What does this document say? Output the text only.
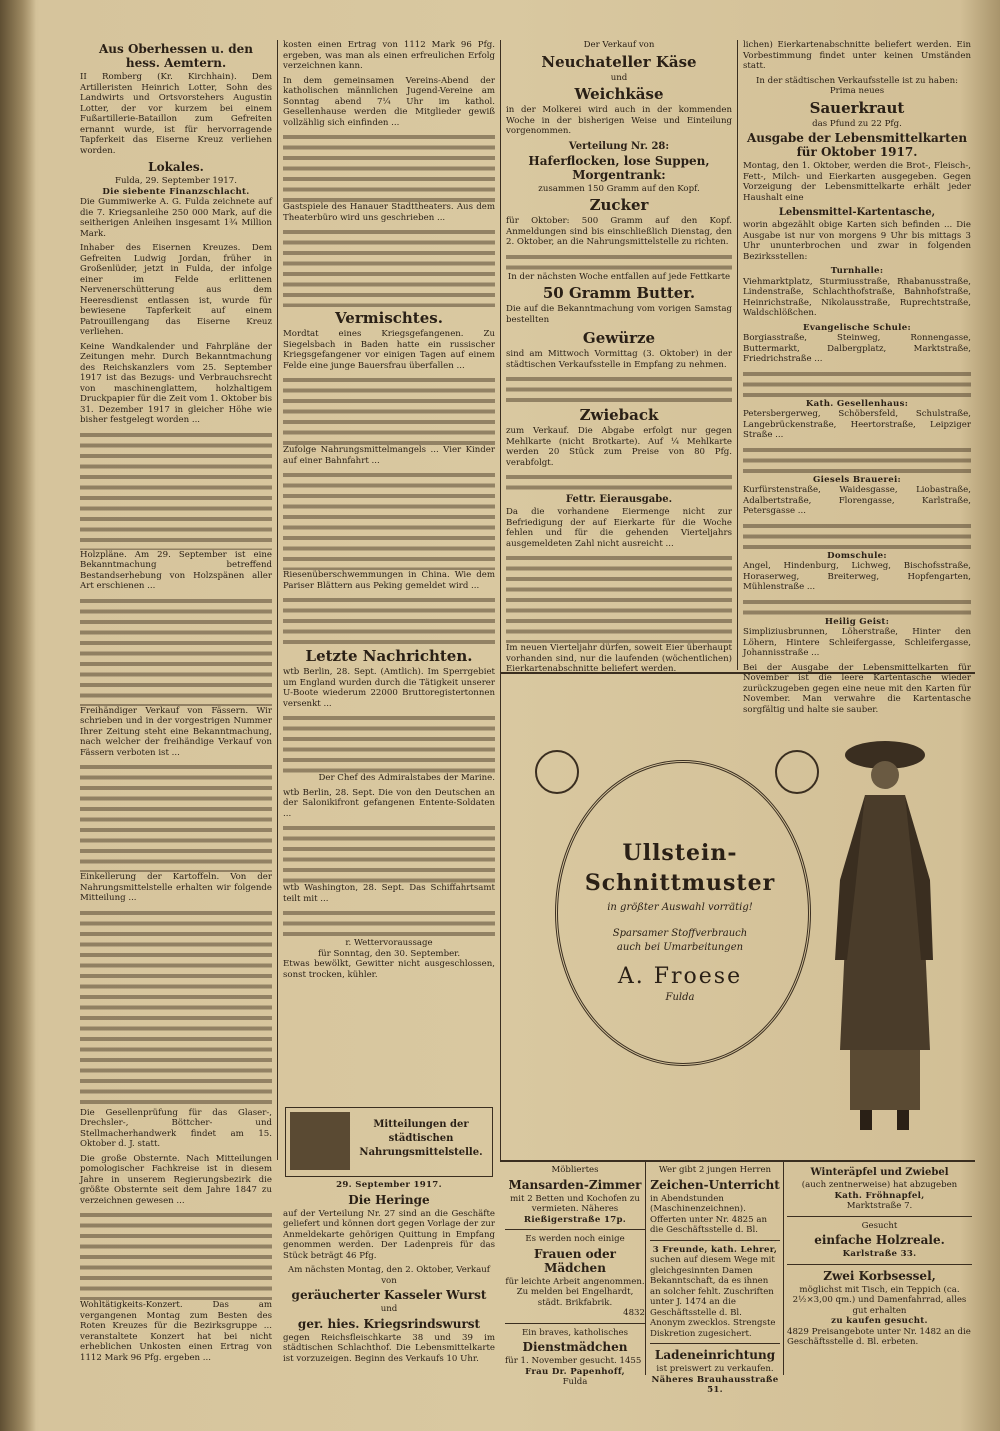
Aus Oberhessen u. den hess. Aemtern.

II Romberg (Kr. Kirchhain). Dem Artilleristen Heinrich Lotter, Sohn des Landwirts und Ortsvorstehers Augustin Lotter, der vor kurzem bei einem Fußartillerie-Bataillon zum Gefreiten ernannt wurde, ist für hervorragende Tapferkeit das Eiserne Kreuz verliehen worden.

Lokales.
Fulda, 29. September 1917.
Die siebente Finanzschlacht.

Die Gummiwerke A. G. Fulda zeichnete auf die 7. Kriegsanleihe 250 000 Mark, auf die seitherigen Anleihen insgesamt 1¾ Million Mark.

Inhaber des Eisernen Kreuzes. Dem Gefreiten Ludwig Jordan, früher in Großenlüder, jetzt in Fulda, der infolge einer im Felde erlittenen Nervenerschütterung aus dem Heeresdienst entlassen ist, wurde für bewiesene Tapferkeit auf einem Patrouillengang das Eiserne Kreuz verliehen.

Keine Wandkalender und Fahrpläne der Zeitungen mehr. Durch Bekanntmachung des Reichskanzlers vom 25. September 1917 ist das Bezugs- und Verbrauchsrecht von maschinenglattem, holzhaltigem Druckpapier für die Zeit vom 1. Oktober bis 31. Dezember 1917 in gleicher Höhe wie bisher festgelegt worden ...

Holzpläne. Am 29. September ist eine Bekanntmachung betreffend Bestandserhebung von Holzspänen aller Art erschienen ...

Freihändiger Verkauf von Fässern. Wir schrieben und in der vorgestrigen Nummer Ihrer Zeitung steht eine Bekanntmachung, nach welcher der freihändige Verkauf von Fässern verboten ist ...

Einkellerung der Kartoffeln. Von der Nahrungsmittelstelle erhalten wir folgende Mitteilung ...

Die Gesellenprüfung für das Glaser-, Drechsler-, Böttcher- und Stellmacherhandwerk findet am 15. Oktober d. J. statt.

Die große Obsternte. Nach Mitteilungen pomologischer Fachkreise ist in diesem Jahre in unserem Regierungsbezirk die größte Obsternte seit dem Jahre 1847 zu verzeichnen gewesen ...

Wohltätigkeits-Konzert. Das am vergangenen Montag zum Besten des Roten Kreuzes für die Bezirksgruppe ... veranstaltete Konzert hat bei nicht erheblichen Unkosten einen Ertrag von 1112 Mark 96 Pfg. ergeben ...

kosten einen Ertrag von 1112 Mark 96 Pfg. ergeben, was man als einen erfreulichen Erfolg verzeichnen kann.

In dem gemeinsamen Vereins-Abend der katholischen männlichen Jugend-Vereine am Sonntag abend 7¼ Uhr im kathol. Gesellenhause werden die Mitglieder gewiß vollzählig sich einfinden ...

Gastspiele des Hanauer Stadttheaters. Aus dem Theaterbüro wird uns geschrieben ...

Vermischtes.

Mordtat eines Kriegsgefangenen. Zu Siegelsbach in Baden hatte ein russischer Kriegsgefangener vor einigen Tagen auf einem Felde eine junge Bauersfrau überfallen ...

Zufolge Nahrungsmittelmangels ... Vier Kinder auf einer Bahnfahrt ...

Riesenüberschwemmungen in China. Wie dem Pariser Blättern aus Peking gemeldet wird ...

Letzte Nachrichten.

wtb Berlin, 28. Sept. (Amtlich). Im Sperrgebiet um England wurden durch die Tätigkeit unserer U-Boote wiederum 22000 Bruttoregistertonnen versenkt ...

Der Chef des Admiralstabes der Marine.

wtb Berlin, 28. Sept. Die von den Deutschen an der Salonikifront gefangenen Entente-Soldaten ...

wtb Washington, 28. Sept. Das Schiffahrtsamt teilt mit ...

r. Wettervoraussage
für Sonntag, den 30. September.

Etwas bewölkt, Gewitter nicht ausgeschlossen, sonst trocken, kühler.

Mitteilungen der städtischen Nahrungsmittelstelle.
29. September 1917.
Die Heringe

auf der Verteilung Nr. 27 sind an die Geschäfte geliefert und können dort gegen Vorlage der zur Anmeldekarte gehörigen Quittung in Empfang genommen werden. Der Ladenpreis für das Stück beträgt 46 Pfg.

Am nächsten Montag, den 2. Oktober, Verkauf von
geräucherter Kasseler Wurst
und
ger. hies. Kriegsrindswurst

gegen Reichsfleischkarte 38 und 39 im städtischen Schlachthof. Die Lebensmittelkarte ist vorzuzeigen. Beginn des Verkaufs 10 Uhr.

Der Verkauf von
Neuchateller Käse
und
Weichkäse

in der Molkerei wird auch in der kommenden Woche in der bisherigen Weise und Einteilung vorgenommen.

Verteilung Nr. 28:
Haferflocken, lose Suppen, Morgentrank:
zusammen 150 Gramm auf den Kopf.
Zucker

für Oktober: 500 Gramm auf den Kopf. Anmeldungen sind bis einschließlich Dienstag, den 2. Oktober, an die Nahrungsmittelstelle zu richten.

In der nächsten Woche entfallen auf jede Fettkarte
50 Gramm Butter.

Die auf die Bekanntmachung vom vorigen Samstag bestellten

Gewürze

sind am Mittwoch Vormittag (3. Oktober) in der städtischen Verkaufsstelle in Empfang zu nehmen.

Zwieback

zum Verkauf. Die Abgabe erfolgt nur gegen Mehlkarte (nicht Brotkarte). Auf ¼ Mehlkarte werden 20 Stück zum Preise von 80 Pfg. verabfolgt.

Fettr. Eierausgabe.

Da die vorhandene Eiermenge nicht zur Befriedigung der auf Eierkarte für die Woche fehlen und für die gehenden Vierteljahrs ausgemeldeten Zahl nicht ausreicht ...

Im neuen Vierteljahr dürfen, soweit Eier überhaupt vorhanden sind, nur die laufenden (wöchentlichen) Eierkartenabschnitte beliefert werden.

lichen) Eierkartenabschnitte beliefert werden. Ein Vorbestimmung findet unter keinen Umständen statt.

In der städtischen Verkaufsstelle ist zu haben:
Prima neues
Sauerkraut
das Pfund zu 22 Pfg.
Ausgabe der Lebensmittelkarten für Oktober 1917.

Montag, den 1. Oktober, werden die Brot-, Fleisch-, Fett-, Milch- und Eierkarten ausgegeben. Gegen Vorzeigung der Lebensmittelkarte erhält jeder Haushalt eine

Lebensmittel-Kartentasche,

worin abgezählt obige Karten sich befinden ... Die Ausgabe ist nur von morgens 9 Uhr bis mittags 3 Uhr ununterbrochen und zwar in folgenden Bezirksstellen:

Turnhalle:

Viehmarktplatz, Sturmiusstraße, Rhabanusstraße, Lindenstraße, Schlachthofstraße, Bahnhofstraße, Heinrichstraße, Nikolausstraße, Ruprechtstraße, Waldschlößchen.

Evangelische Schule:

Borgiasstraße, Steinweg, Ronnengasse, Buttermarkt, Dalbergplatz, Marktstraße, Friedrichstraße ...

Kath. Gesellenhaus:

Petersbergerweg, Schöbersfeld, Schulstraße, Langebrückenstraße, Heertorstraße, Leipziger Straße ...

Giesels Brauerei:

Kurfürstenstraße, Waidesgasse, Liobastraße, Adalbertstraße, Florengasse, Karlstraße, Petersgasse ...

Domschule:

Angel, Hindenburg, Lichweg, Bischofsstraße, Horaserweg, Breiterweg, Hopfengarten, Mühlenstraße ...

Heilig Geist:

Simpliziusbrunnen, Löherstraße, Hinter den Löhern, Hintere Schleifergasse, Schleifergasse, Johannisstraße ...

Bei der Ausgabe der Lebensmittelkarten für November ist die leere Kartentasche wieder zurückzugeben gegen eine neue mit den Karten für November. Man verwahre die Kartentasche sorgfältig und halte sie sauber.

Ullstein-
Schnittmuster
in größter Auswahl vorrätig!
Sparsamer Stoffverbrauch
auch bei Umarbeitungen
A. Froese
Fulda
Möbliertes
Mansarden-Zimmer
mit 2 Betten und Kochofen zu vermieten. Näheres
Rießigerstraße 17p.
Es werden noch einige
Frauen oder Mädchen
für leichte Arbeit angenommen. Zu melden bei Engelhardt, städt. Brikfabrik.
4832
Ein braves, katholisches
Dienstmädchen
für 1. November gesucht. 1455
Frau Dr. Papenhoff,
Fulda
Wer gibt 2 jungen Herren
Zeichen-Unterricht
in Abendstunden (Maschinenzeichnen). Offerten unter Nr. 4825 an die Geschäftsstelle d. Bl.
3 Freunde, kath. Lehrer,
suchen auf diesem Wege mit gleichgesinnten Damen Bekanntschaft, da es ihnen an solcher fehlt. Zuschriften unter J. 1474 an die Geschäftsstelle d. Bl. Anonym zwecklos. Strengste Diskretion zugesichert.
Ladeneinrichtung
ist preiswert zu verkaufen.
Näheres Brauhausstraße 51.
Winteräpfel und Zwiebel
(auch zentnerweise) hat abzugeben
Kath. Fröhnapfel,
Marktstraße 7.
Gesucht
einfache Holzreale.
Karlstraße 33.
Zwei Korbsessel,
möglichst mit Tisch, ein Teppich (ca. 2½×3,00 qm.) und Damenfahrrad, alles gut erhalten
zu kaufen gesucht.
4829 Preisangebote unter Nr. 1482 an die Geschäftsstelle d. Bl. erbeten.
